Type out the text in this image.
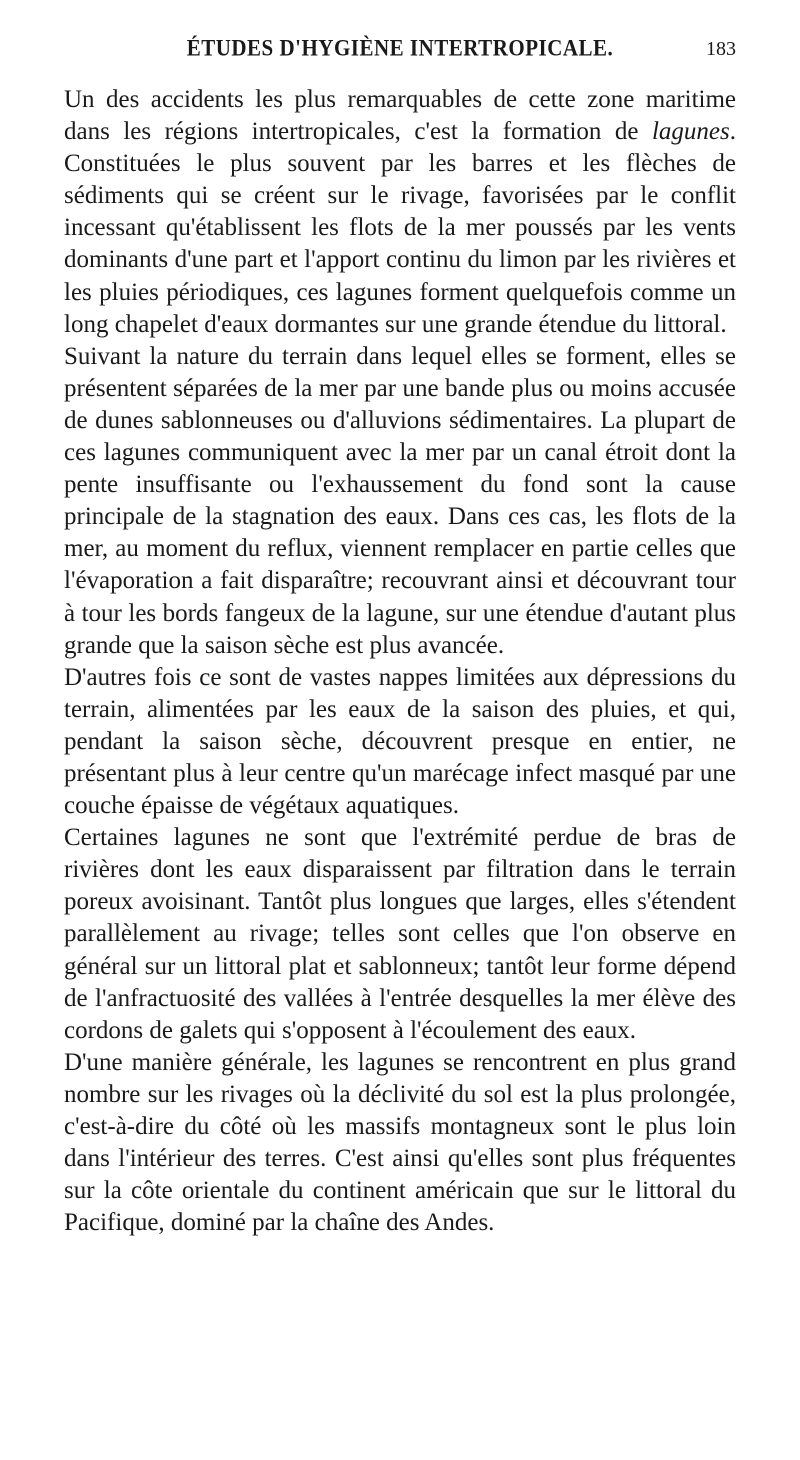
ÉTUDES D'HYGIÈNE INTERTROPICALE.	183

Un des accidents les plus remarquables de cette zone maritime dans les régions intertropicales, c'est la formation de lagunes. Constituées le plus souvent par les barres et les flèches de sédiments qui se créent sur le rivage, favorisées par le conflit incessant qu'établissent les flots de la mer poussés par les vents dominants d'une part et l'apport continu du limon par les rivières et les pluies périodiques, ces lagunes forment quelquefois comme un long chapelet d'eaux dormantes sur une grande étendue du littoral.

Suivant la nature du terrain dans lequel elles se forment, elles se présentent séparées de la mer par une bande plus ou moins accusée de dunes sablonneuses ou d'alluvions sédimentaires. La plupart de ces lagunes communiquent avec la mer par un canal étroit dont la pente insuffisante ou l'exhaussement du fond sont la cause principale de la stagnation des eaux. Dans ces cas, les flots de la mer, au moment du reflux, viennent remplacer en partie celles que l'évaporation a fait disparaître; recouvrant ainsi et découvrant tour à tour les bords fangeux de la lagune, sur une étendue d'autant plus grande que la saison sèche est plus avancée.

D'autres fois ce sont de vastes nappes limitées aux dépressions du terrain, alimentées par les eaux de la saison des pluies, et qui, pendant la saison sèche, découvrent presque en entier, ne présentant plus à leur centre qu'un marécage infect masqué par une couche épaisse de végétaux aquatiques.

Certaines lagunes ne sont que l'extrémité perdue de bras de rivières dont les eaux disparaissent par filtration dans le terrain poreux avoisinant. Tantôt plus longues que larges, elles s'étendent parallèlement au rivage; telles sont celles que l'on observe en général sur un littoral plat et sablonneux; tantôt leur forme dépend de l'anfractuosité des vallées à l'entrée desquelles la mer élève des cordons de galets qui s'opposent à l'écoulement des eaux.

D'une manière générale, les lagunes se rencontrent en plus grand nombre sur les rivages où la déclivité du sol est la plus prolongée, c'est-à-dire du côté où les massifs montagneux sont le plus loin dans l'intérieur des terres. C'est ainsi qu'elles sont plus fréquentes sur la côte orientale du continent américain que sur le littoral du Pacifique, dominé par la chaîne des Andes.
